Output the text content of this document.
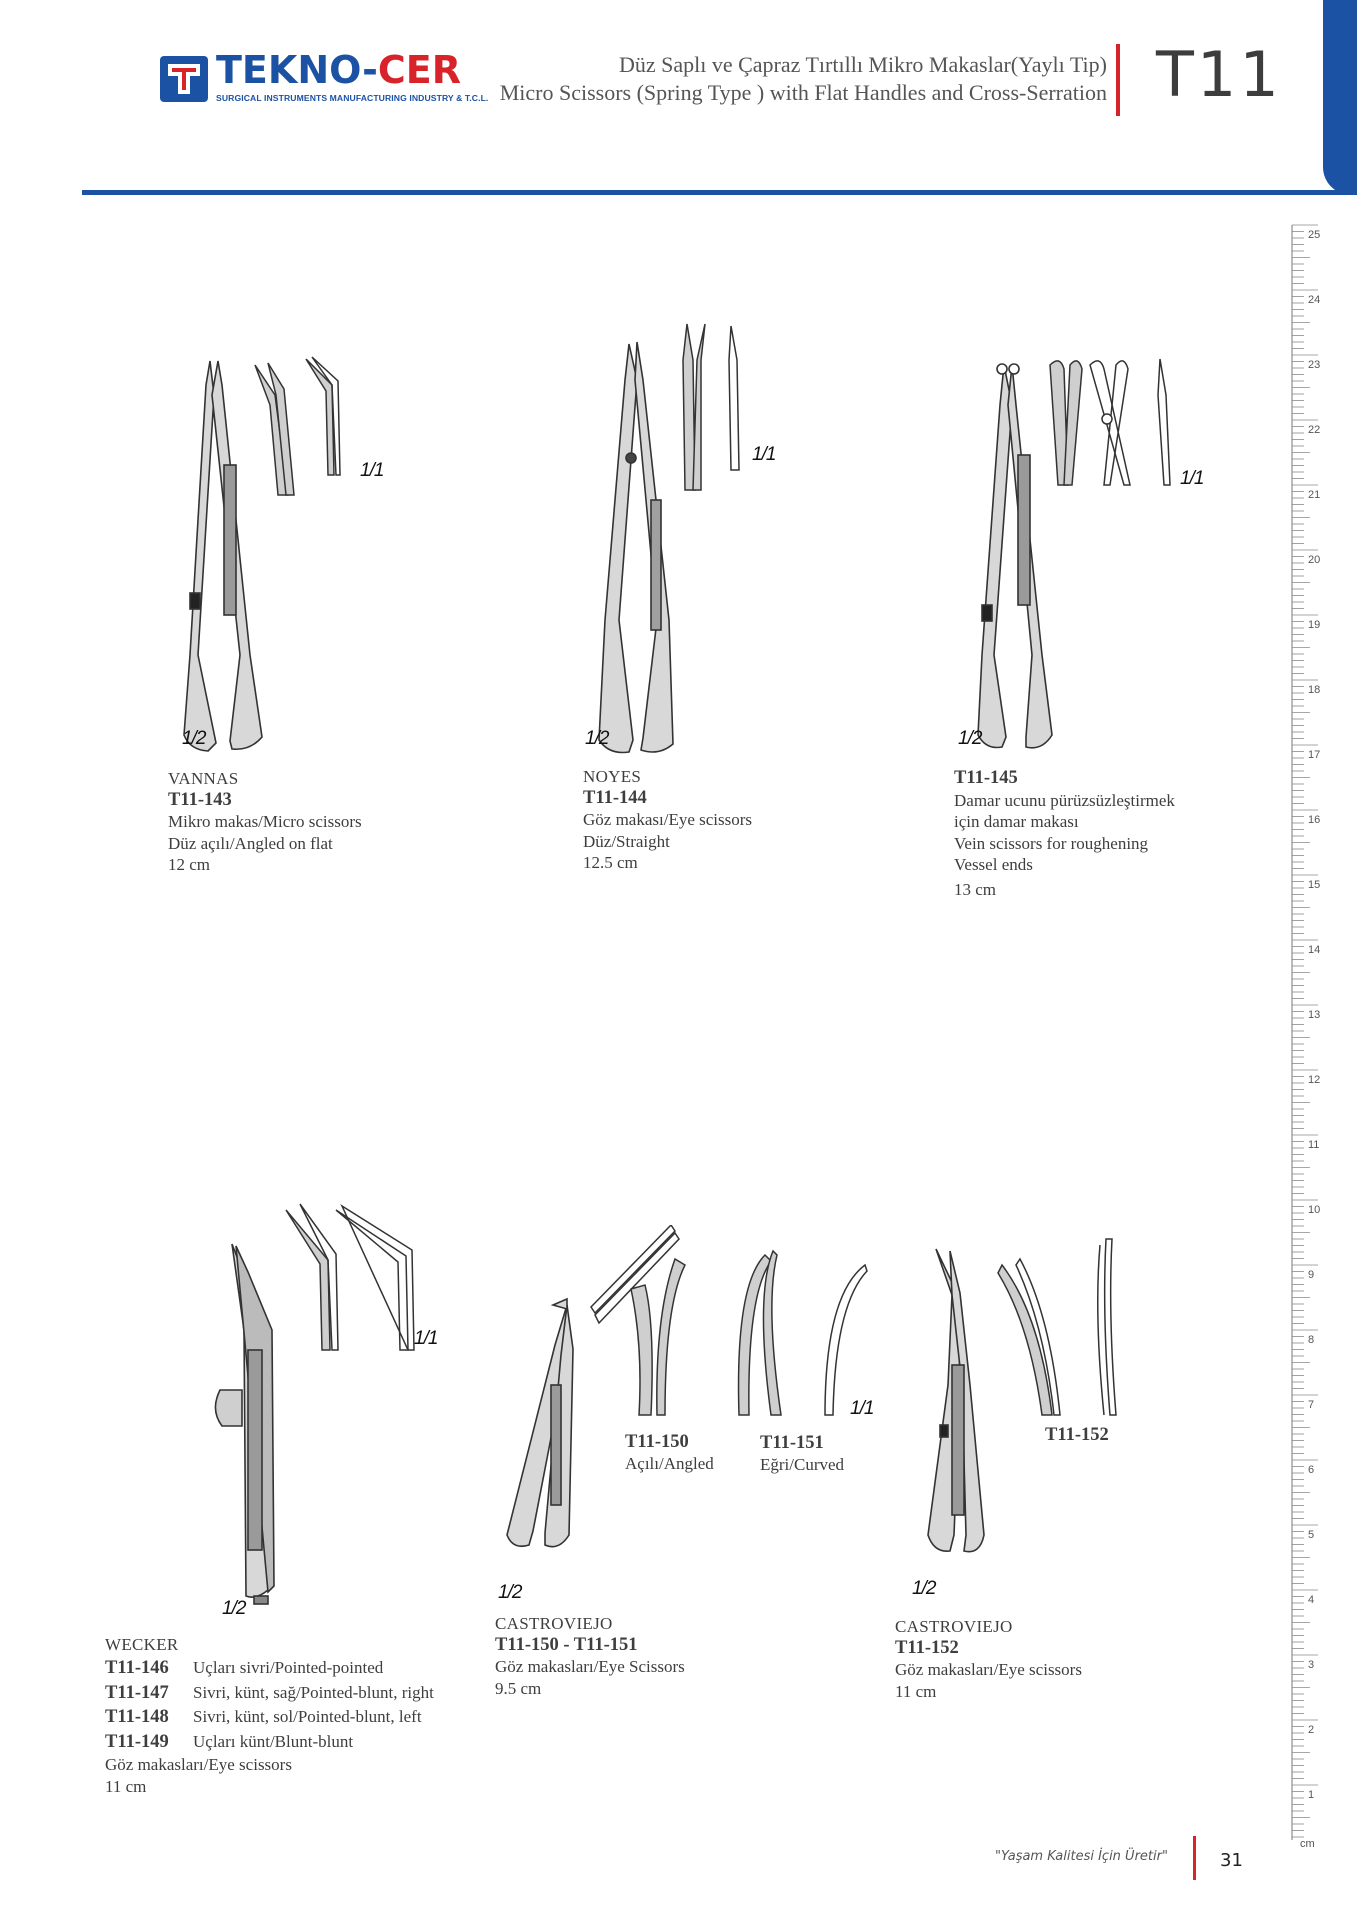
TEKNO-CER
SURGICAL INSTRUMENTS MANUFACTURING INDUSTRY & T.C.L.
Düz Saplı ve Çapraz Tırtıllı Mikro Makaslar(Yaylı Tip)
Micro Scissors (Spring Type ) with Flat Handles and Cross-Serration T11
25
24
23
22
21
20
19
18
17
16
15
14
13
12
11
10
9
8
7
6
5
4
3
2
1
cm
1/1
1/2
1/1
1/2
1/1
1/2
1/1
1/2
1/1
1/2	1/2
VANNAS
T11-143
Mikro makas/Micro scissors
Düz açılı/Angled on flat
12 cm
NOYES
T11-144
Göz makası/Eye scissors
Düz/Straight
12.5 cm
T11-145
Damar ucunu pürüzsüzleştirmek
için damar makası
Vein scissors for roughening
Vessel ends
13 cm
WECKER
T11-146	Uçları sivri/Pointed-pointed
T11-147	Sivri, künt, sağ/Pointed-blunt, right
T11-148	Sivri, künt, sol/Pointed-blunt, left
T11-149	Uçları künt/Blunt-blunt
Göz makasları/Eye scissors
11 cm
T11-150
Açılı/Angled
T11-151
Eğri/Curved
T11-152
CASTROVIEJO
T11-150 - T11-151
Göz makasları/Eye Scissors
9.5 cm
CASTROVIEJO
T11-152
Göz makasları/Eye scissors
11 cm
"Yaşam Kalitesi İçin Üretir"	31
